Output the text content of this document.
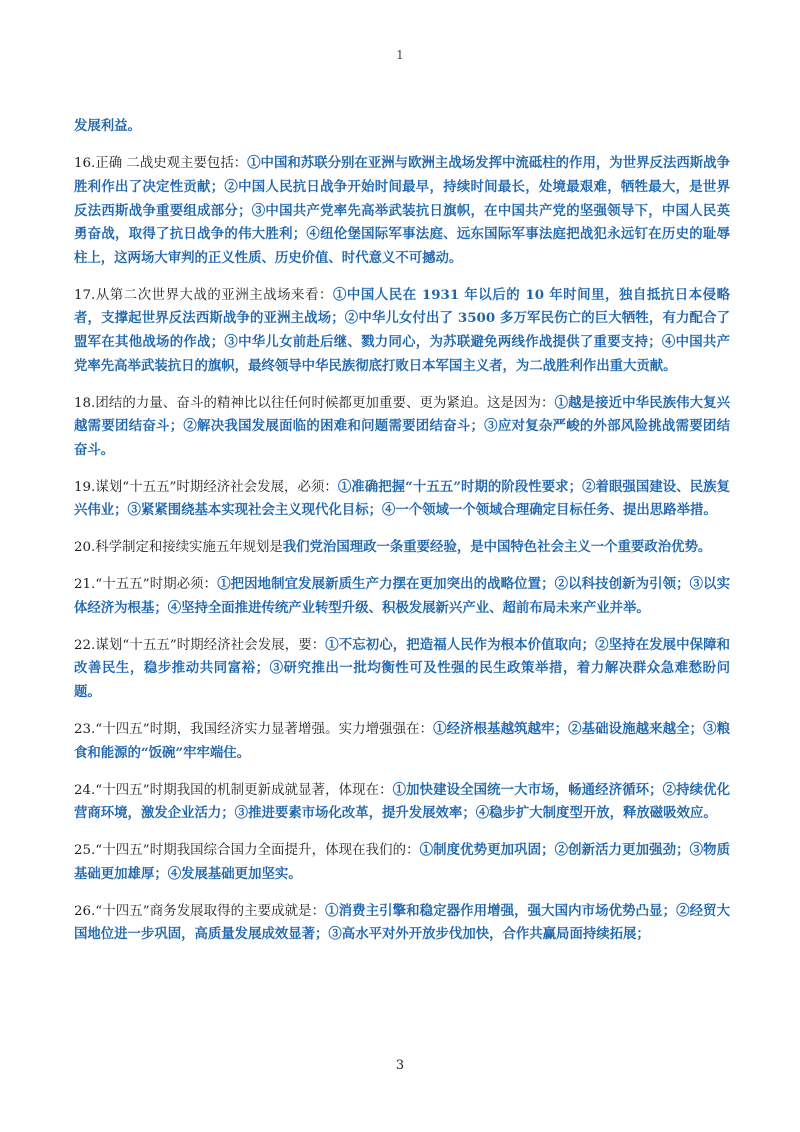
1

发展利益。

16.正确 二战史观主要包括：①中国和苏联分别在亚洲与欧洲主战场发挥中流砥柱的作用，为世界反法西斯战争胜利作出了决定性贡献；②中国人民抗日战争开始时间最早，持续时间最长，处境最艰难，牺牲最大，是世界反法西斯战争重要组成部分；③中国共产党率先高举武装抗日旗帜，在中国共产党的坚强领导下，中国人民英勇奋战，取得了抗日战争的伟大胜利；④纽伦堡国际军事法庭、远东国际军事法庭把战犯永远钉在历史的耻辱柱上，这两场大审判的正义性质、历史价值、时代意义不可撼动。

17.从第二次世界大战的亚洲主战场来看：①中国人民在 1931 年以后的 10 年时间里，独自抵抗日本侵略者，支撑起世界反法西斯战争的亚洲主战场；②中华儿女付出了 3500 多万军民伤亡的巨大牺牲，有力配合了盟军在其他战场的作战；③中华儿女前赴后继、戮力同心，为苏联避免两线作战提供了重要支持；④中国共产党率先高举武装抗日的旗帜，最终领导中华民族彻底打败日本军国主义者，为二战胜利作出重大贡献。

18.团结的力量、奋斗的精神比以往任何时候都更加重要、更为紧迫。这是因为：①越是接近中华民族伟大复兴越需要团结奋斗；②解决我国发展面临的困难和问题需要团结奋斗；③应对复杂严峻的外部风险挑战需要团结奋斗。

19.谋划“十五五”时期经济社会发展，必须：①准确把握“十五五”时期的阶段性要求；②着眼强国建设、民族复兴伟业；③紧紧围绕基本实现社会主义现代化目标；④一个领域一个领域合理确定目标任务、提出思路举措。

20.科学制定和接续实施五年规划是我们党治国理政一条重要经验，是中国特色社会主义一个重要政治优势。

21.“十五五”时期必须：①把因地制宜发展新质生产力摆在更加突出的战略位置；②以科技创新为引领；③以实体经济为根基；④坚持全面推进传统产业转型升级、积极发展新兴产业、超前布局未来产业并举。

22.谋划“十五五”时期经济社会发展，要：①不忘初心，把造福人民作为根本价值取向；②坚持在发展中保障和改善民生，稳步推动共同富裕；③研究推出一批均衡性可及性强的民生政策举措，着力解决群众急难愁盼问题。

23.“十四五”时期，我国经济实力显著增强。实力增强强在：①经济根基越筑越牢；②基础设施越来越全；③粮食和能源的“饭碗”牢牢端住。

24.“十四五”时期我国的机制更新成就显著，体现在：①加快建设全国统一大市场，畅通经济循环；②持续优化营商环境，激发企业活力；③推进要素市场化改革，提升发展效率；④稳步扩大制度型开放，释放磁吸效应。

25.“十四五”时期我国综合国力全面提升，体现在我们的：①制度优势更加巩固；②创新活力更加强劲；③物质基础更加雄厚；④发展基础更加坚实。

26.“十四五”商务发展取得的主要成就是：①消费主引擎和稳定器作用增强，强大国内市场优势凸显；②经贸大国地位进一步巩固，高质量发展成效显著；③高水平对外开放步伐加快，合作共赢局面持续拓展；

3
